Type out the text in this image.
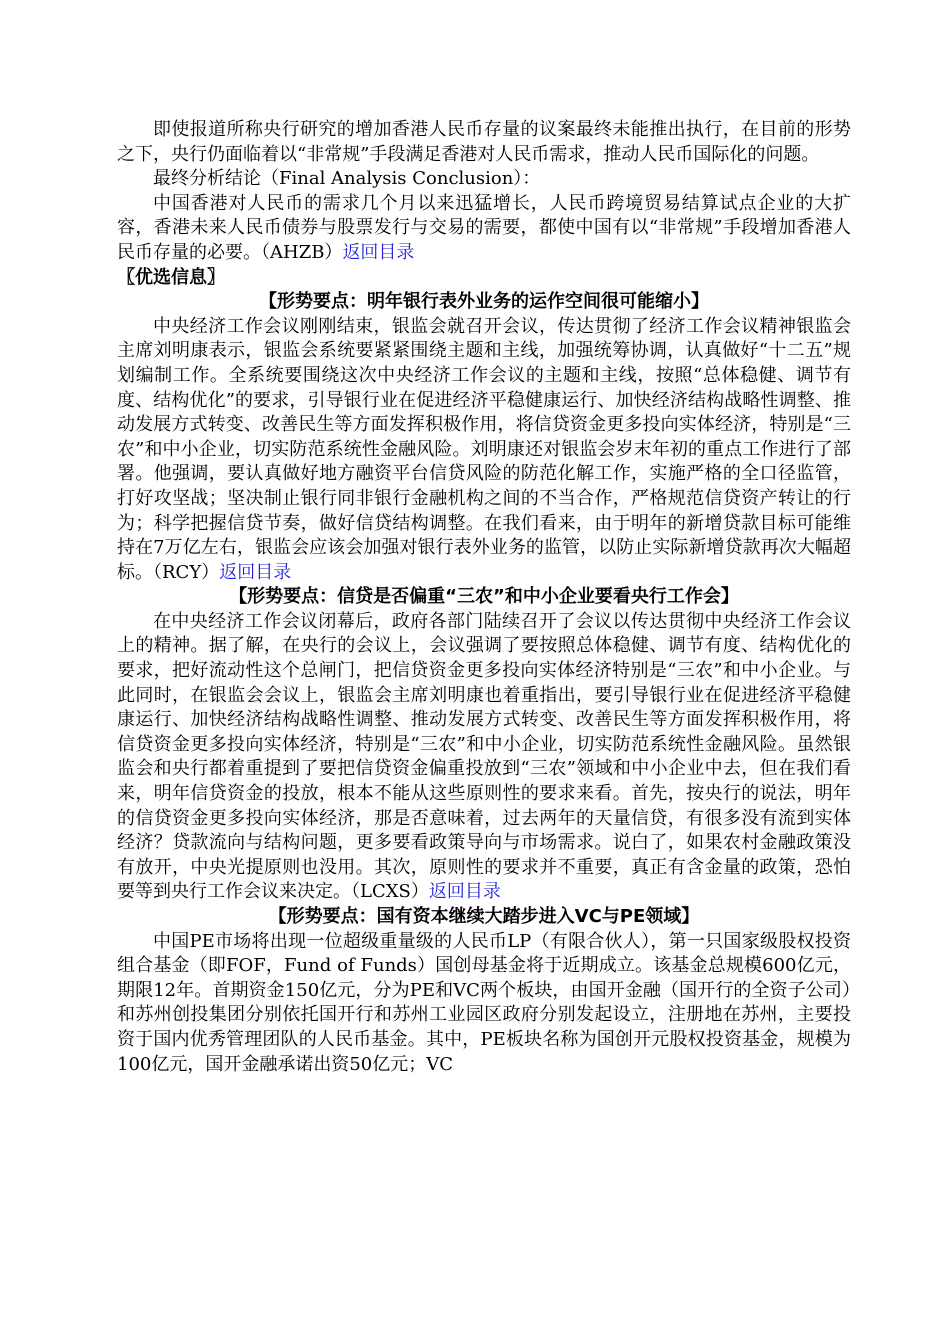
即使报道所称央行研究的增加香港人民币存量的议案最终未能推出执行，在目前的形势之下，央行仍面临着以“非常规”手段满足香港对人民币需求，推动人民币国际化的问题。

最终分析结论（Final Analysis Conclusion）：

中国香港对人民币的需求几个月以来迅猛增长，人民币跨境贸易结算试点企业的大扩容，香港未来人民币债券与股票发行与交易的需要，都使中国有以“非常规”手段增加香港人民币存量的必要。（AHZB）返回目录

〖优选信息〗

【形势要点：明年银行表外业务的运作空间很可能缩小】

中央经济工作会议刚刚结束，银监会就召开会议，传达贯彻了经济工作会议精神银监会主席刘明康表示，银监会系统要紧紧围绕主题和主线，加强统筹协调，认真做好“十二五”规划编制工作。全系统要围绕这次中央经济工作会议的主题和主线，按照“总体稳健、调节有度、结构优化”的要求，引导银行业在促进经济平稳健康运行、加快经济结构战略性调整、推动发展方式转变、改善民生等方面发挥积极作用，将信贷资金更多投向实体经济，特别是“三农”和中小企业，切实防范系统性金融风险。刘明康还对银监会岁末年初的重点工作进行了部署。他强调，要认真做好地方融资平台信贷风险的防范化解工作，实施严格的全口径监管，打好攻坚战；坚决制止银行同非银行金融机构之间的不当合作，严格规范信贷资产转让的行为；科学把握信贷节奏，做好信贷结构调整。在我们看来，由于明年的新增贷款目标可能维持在7万亿左右，银监会应该会加强对银行表外业务的监管，以防止实际新增贷款再次大幅超标。（RCY）返回目录

【形势要点：信贷是否偏重“三农”和中小企业要看央行工作会】

在中央经济工作会议闭幕后，政府各部门陆续召开了会议以传达贯彻中央经济工作会议上的精神。据了解，在央行的会议上，会议强调了要按照总体稳健、调节有度、结构优化的要求，把好流动性这个总闸门，把信贷资金更多投向实体经济特别是“三农”和中小企业。与此同时，在银监会会议上，银监会主席刘明康也着重指出，要引导银行业在促进经济平稳健康运行、加快经济结构战略性调整、推动发展方式转变、改善民生等方面发挥积极作用，将信贷资金更多投向实体经济，特别是“三农”和中小企业，切实防范系统性金融风险。虽然银监会和央行都着重提到了要把信贷资金偏重投放到“三农”领域和中小企业中去，但在我们看来，明年信贷资金的投放，根本不能从这些原则性的要求来看。首先，按央行的说法，明年的信贷资金更多投向实体经济，那是否意味着，过去两年的天量信贷，有很多没有流到实体经济？贷款流向与结构问题，更多要看政策导向与市场需求。说白了，如果农村金融政策没有放开，中央光提原则也没用。其次，原则性的要求并不重要，真正有含金量的政策，恐怕要等到央行工作会议来决定。（LCXS）返回目录

【形势要点：国有资本继续大踏步进入VC与PE领域】

中国PE市场将出现一位超级重量级的人民币LP（有限合伙人），第一只国家级股权投资组合基金（即FOF，Fund of Funds）国创母基金将于近期成立。该基金总规模600亿元，期限12年。首期资金150亿元，分为PE和VC两个板块，由国开金融（国开行的全资子公司）和苏州创投集团分别依托国开行和苏州工业园区政府分别发起设立，注册地在苏州，主要投资于国内优秀管理团队的人民币基金。其中，PE板块名称为国创开元股权投资基金，规模为100亿元，国开金融承诺出资50亿元；VC
